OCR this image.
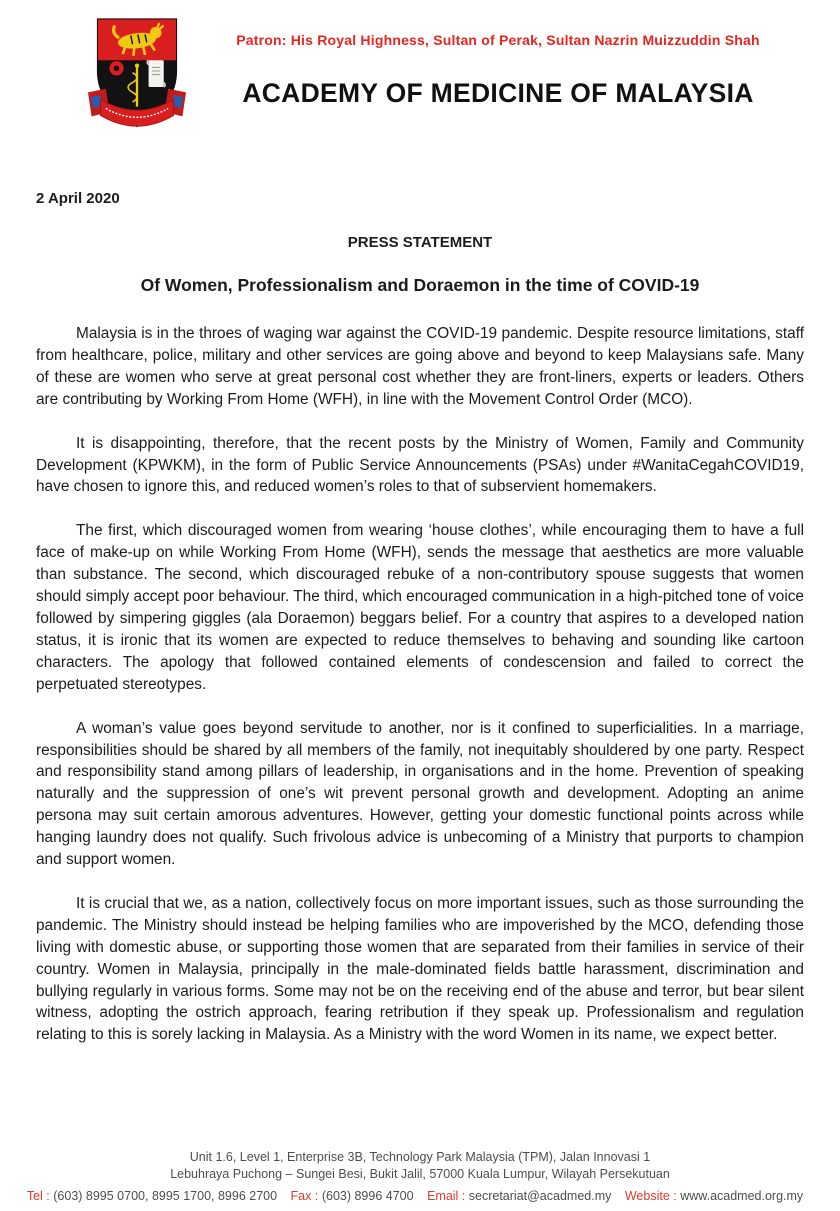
Patron: His Royal Highness, Sultan of Perak, Sultan Nazrin Muizzuddin Shah
ACADEMY OF MEDICINE OF MALAYSIA

2 April 2020

PRESS STATEMENT

Of Women, Professionalism and Doraemon in the time of COVID-19

Malaysia is in the throes of waging war against the COVID-19 pandemic. Despite resource limitations, staff from healthcare, police, military and other services are going above and beyond to keep Malaysians safe. Many of these are women who serve at great personal cost whether they are front-liners, experts or leaders. Others are contributing by Working From Home (WFH), in line with the Movement Control Order (MCO).

It is disappointing, therefore, that the recent posts by the Ministry of Women, Family and Community Development (KPWKM), in the form of Public Service Announcements (PSAs) under #WanitaCegahCOVID19, have chosen to ignore this, and reduced women’s roles to that of subservient homemakers.

The first, which discouraged women from wearing ‘house clothes’, while encouraging them to have a full face of make-up on while Working From Home (WFH), sends the message that aesthetics are more valuable than substance. The second, which discouraged rebuke of a non-contributory spouse suggests that women should simply accept poor behaviour. The third, which encouraged communication in a high-pitched tone of voice followed by simpering giggles (ala Doraemon) beggars belief. For a country that aspires to a developed nation status, it is ironic that its women are expected to reduce themselves to behaving and sounding like cartoon characters. The apology that followed contained elements of condescension and failed to correct the perpetuated stereotypes.

A woman’s value goes beyond servitude to another, nor is it confined to superficialities. In a marriage, responsibilities should be shared by all members of the family, not inequitably shouldered by one party. Respect and responsibility stand among pillars of leadership, in organisations and in the home. Prevention of speaking naturally and the suppression of one’s wit prevent personal growth and development. Adopting an anime persona may suit certain amorous adventures. However, getting your domestic functional points across while hanging laundry does not qualify. Such frivolous advice is unbecoming of a Ministry that purports to champion and support women.

It is crucial that we, as a nation, collectively focus on more important issues, such as those surrounding the pandemic. The Ministry should instead be helping families who are impoverished by the MCO, defending those living with domestic abuse, or supporting those women that are separated from their families in service of their country. Women in Malaysia, principally in the male-dominated fields battle harassment, discrimination and bullying regularly in various forms. Some may not be on the receiving end of the abuse and terror, but bear silent witness, adopting the ostrich approach, fearing retribution if they speak up. Professionalism and regulation relating to this is sorely lacking in Malaysia. As a Ministry with the word Women in its name, we expect better.

Unit 1.6, Level 1, Enterprise 3B, Technology Park Malaysia (TPM), Jalan Innovasi 1

Lebuhraya Puchong – Sungei Besi, Bukit Jalil, 57000 Kuala Lumpur, Wilayah Persekutuan

Tel : (603) 8995 0700, 8995 1700, 8996 2700 Fax : (603) 8996 4700 Email : secretariat@acadmed.my Website : www.acadmed.org.my
